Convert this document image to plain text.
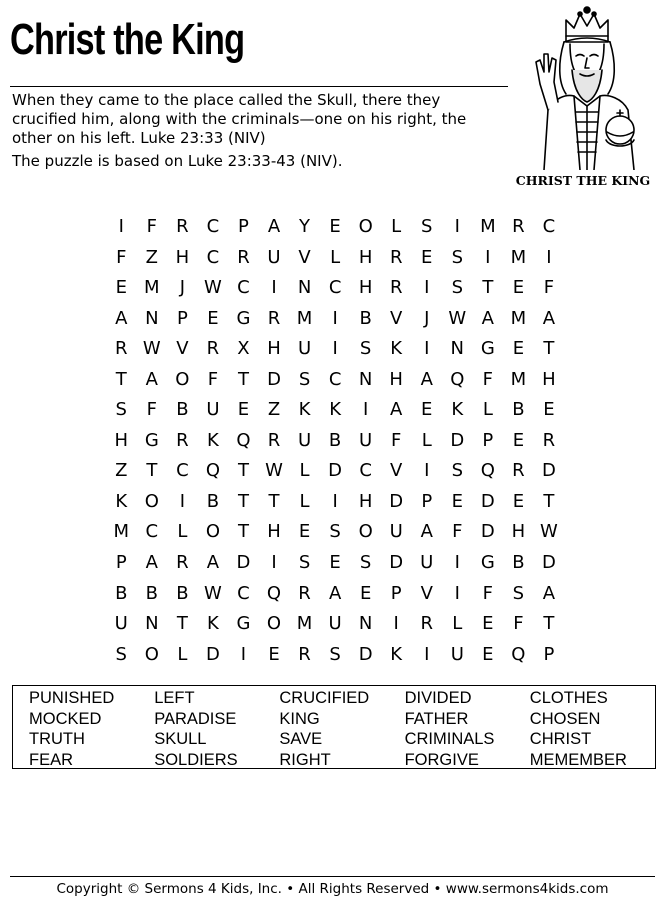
Christ the King

When they came to the place called the Skull, there they crucified him, along with the criminals—one on his right, the other on his left. Luke 23:33 (NIV)

The puzzle is based on Luke 23:33-43 (NIV).

CHRIST THE KING
I	F	R	C	P	A	Y	E O	L	S	I	M R	C
F	Z H C	R U V	L	H R	E	S	I	M	I
E M	J	W C	I	N C H R	I	S	T	E	F
A N	P	E G R M	I	B	V	J	W A M A
R W V	R	X H U	I	S	K	I	N G E	T
T	A O	F	T	D S	C N H A Q	F M H
S	F	B U	E	Z	K	K	I	A	E	K	L	B	E
H G R	K Q R U B U	F	L	D	P	E	R
Z	T	C Q T W L	D C	V	I	S Q R D
K O	I	B	T	T	L	I	H D	P	E D E	T
M C	L	O T	H	E	S O U A	F	D H W
P	A	R	A D	I	S	E	S D U	I	G B D
B	B	B W C Q R	A	E	P	V	I	F	S	A
U N	T	K G O M U N	I	R	L	E	F	T
S O	L	D	I	E	R	S D K	I	U	E Q	P
PUNISHED	LEFT	CRUCIFIED	DIVIDED	CLOTHES
MOCKED	PARADISE	KING	FATHER	CHOSEN
TRUTH	SKULL	SAVE	CRIMINALS	CHRIST
FEAR	SOLDIERS	RIGHT	FORGIVE	MEMEMBER
Copyright © Sermons 4 Kids, Inc. • All Rights Reserved • www.sermons4kids.com
